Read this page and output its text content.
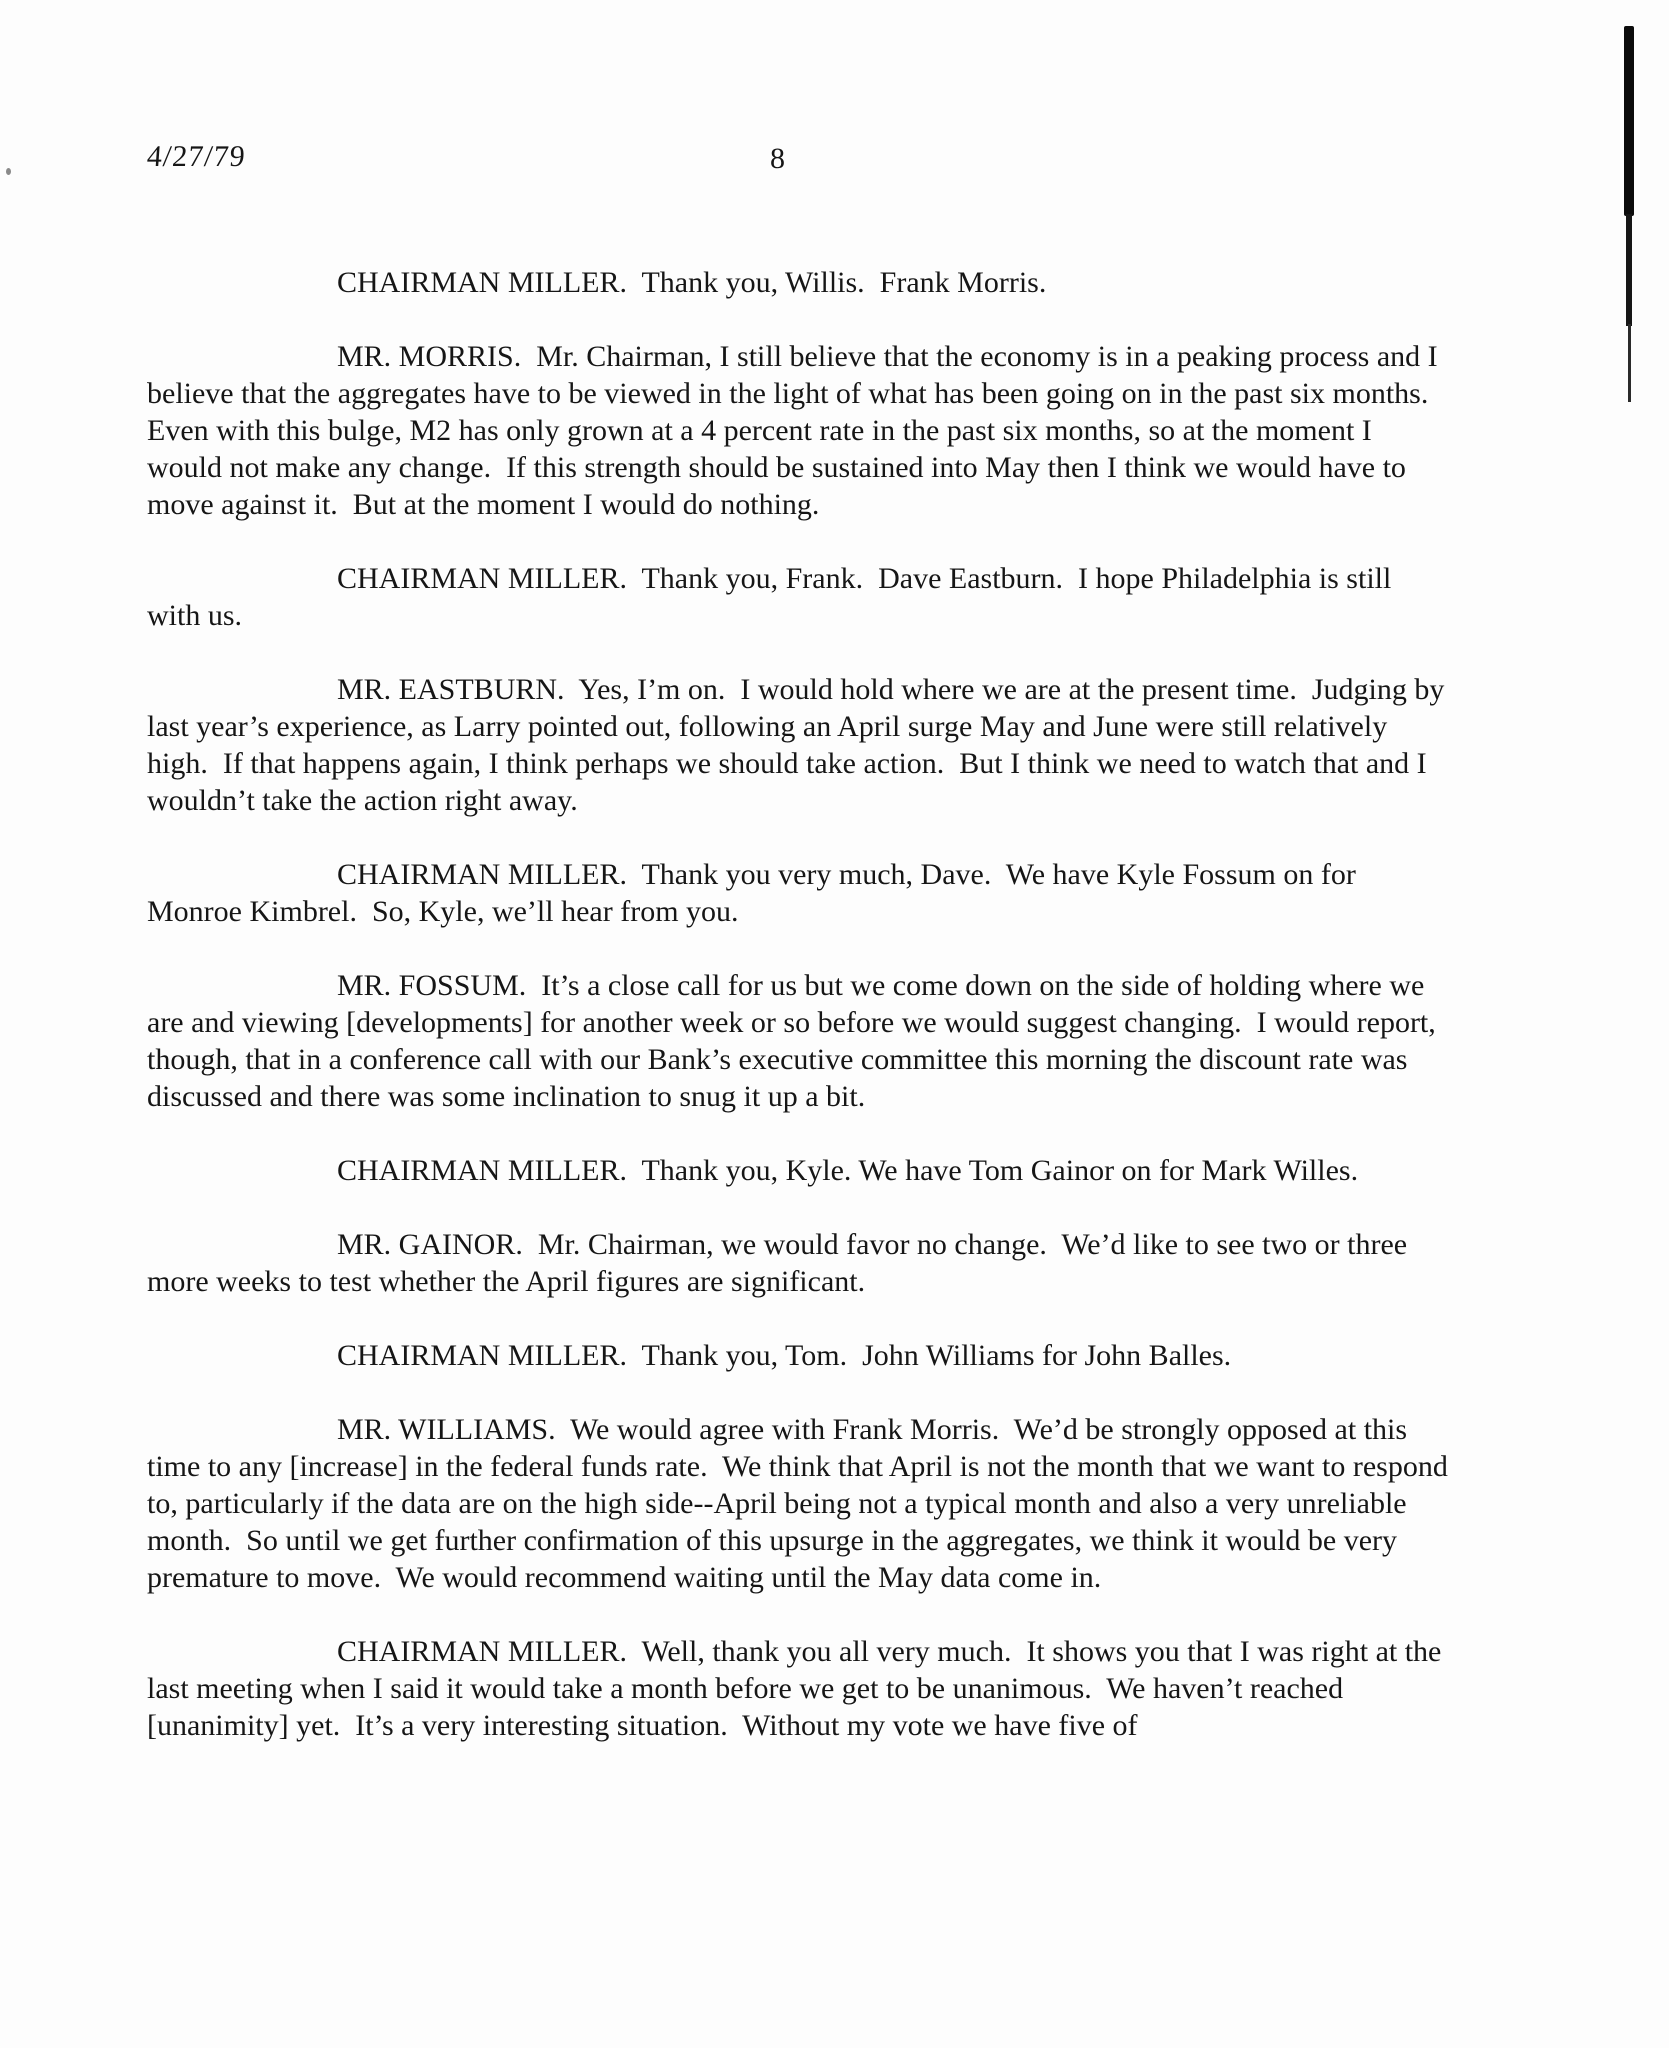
4/27/79	8

CHAIRMAN MILLER.  Thank you, Willis.  Frank Morris.

MR. MORRIS.  Mr. Chairman, I still believe that the economy is in a peaking process and I believe that the aggregates have to be viewed in the light of what has been going on in the past six months.  Even with this bulge, M2 has only grown at a 4 percent rate in the past six months, so at the moment I would not make any change.  If this strength should be sustained into May then I think we would have to move against it.  But at the moment I would do nothing.

CHAIRMAN MILLER.  Thank you, Frank.  Dave Eastburn.  I hope Philadelphia is still with us.

MR. EASTBURN.  Yes, I’m on.  I would hold where we are at the present time.  Judging by last year’s experience, as Larry pointed out, following an April surge May and June were still relatively high.  If that happens again, I think perhaps we should take action.  But I think we need to watch that and I wouldn’t take the action right away.

CHAIRMAN MILLER.  Thank you very much, Dave.  We have Kyle Fossum on for Monroe Kimbrel.  So, Kyle, we’ll hear from you.

MR. FOSSUM.  It’s a close call for us but we come down on the side of holding where we are and viewing [developments] for another week or so before we would suggest changing.  I would report, though, that in a conference call with our Bank’s executive committee this morning the discount rate was discussed and there was some inclination to snug it up a bit.

CHAIRMAN MILLER.  Thank you, Kyle. We have Tom Gainor on for Mark Willes.

MR. GAINOR.  Mr. Chairman, we would favor no change.  We’d like to see two or three more weeks to test whether the April figures are significant.

CHAIRMAN MILLER.  Thank you, Tom.  John Williams for John Balles.

MR. WILLIAMS.  We would agree with Frank Morris.  We’d be strongly opposed at this time to any [increase] in the federal funds rate.  We think that April is not the month that we want to respond to, particularly if the data are on the high side--April being not a typical month and also a very unreliable month.  So until we get further confirmation of this upsurge in the aggregates, we think it would be very premature to move.  We would recommend waiting until the May data come in.

CHAIRMAN MILLER.  Well, thank you all very much.  It shows you that I was right at the last meeting when I said it would take a month before we get to be unanimous.  We haven’t reached [unanimity] yet.  It’s a very interesting situation.  Without my vote we have five of
